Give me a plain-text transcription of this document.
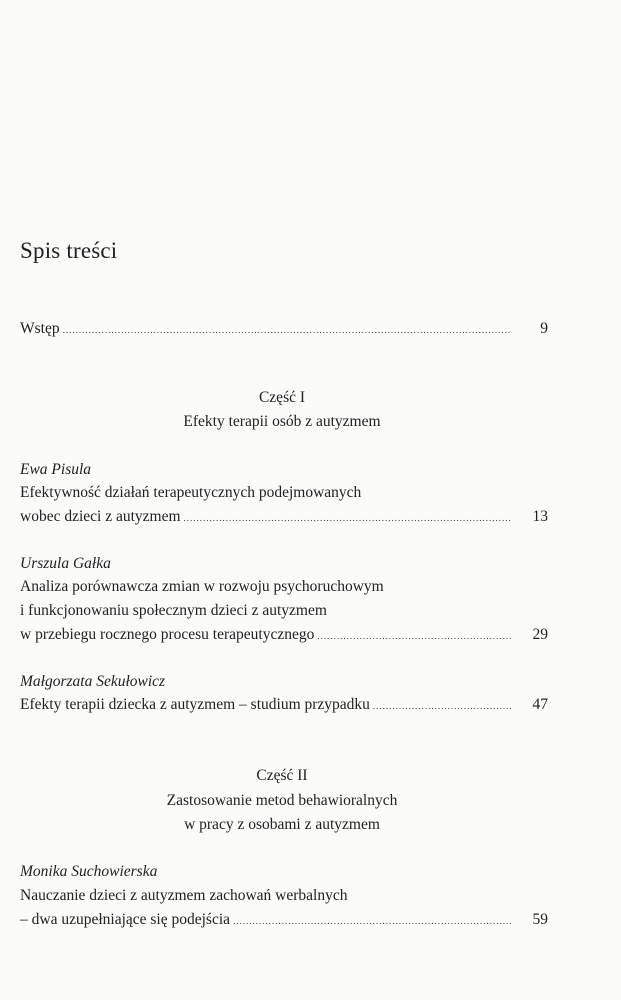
Spis treści
Wstęp .....	9
Część I
Efekty terapii osób z autyzmem
Ewa Pisula
Efektywność działań terapeutycznych podejmowanych
wobec dzieci z autyzmem .....	13
Urszula Gałka
Analiza porównawcza zmian w rozwoju psychoruchowym
i funkcjonowaniu społecznym dzieci z autyzmem
w przebiegu rocznego procesu terapeutycznego .....	29
Małgorzata Sekułowicz
Efekty terapii dziecka z autyzmem – studium przypadku .....	47
Część II
Zastosowanie metod behawioralnych
w pracy z osobami z autyzmem
Monika Suchowierska
Nauczanie dzieci z autyzmem zachowań werbalnych
– dwa uzupełniające się podejścia .....	59
